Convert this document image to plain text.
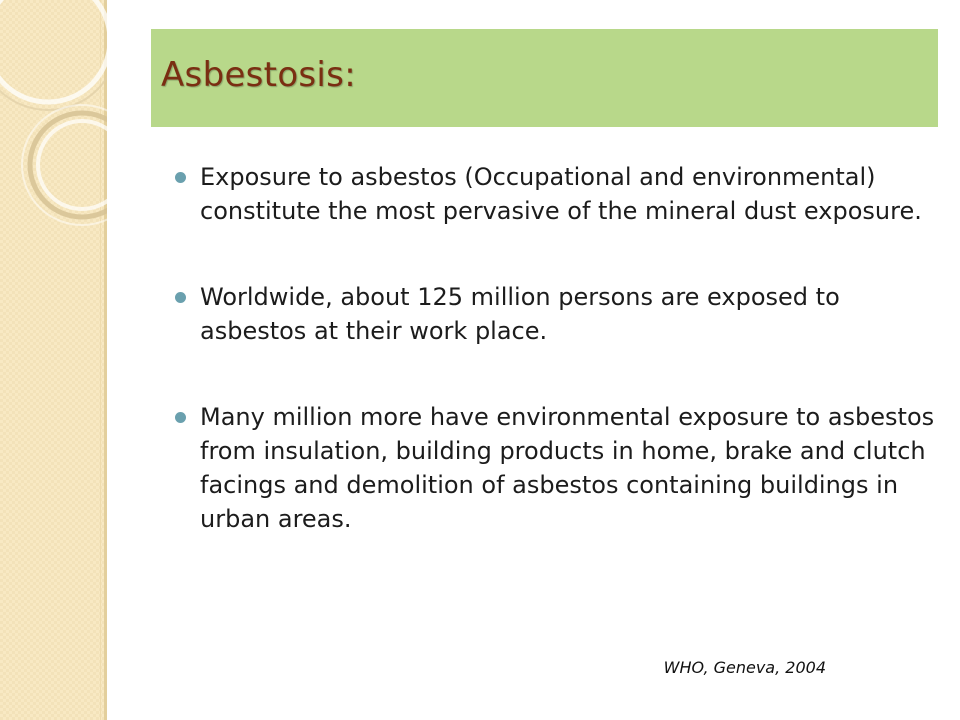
Asbestosis:
Exposure to asbestos (Occupational and environmental) constitute the most pervasive of the mineral dust exposure.
Worldwide, about 125 million persons are exposed to asbestos at their work place.
Many million more have environmental exposure to asbestos from insulation, building products in home, brake and clutch facings and demolition of asbestos containing buildings in urban areas.

WHO, Geneva, 2004
